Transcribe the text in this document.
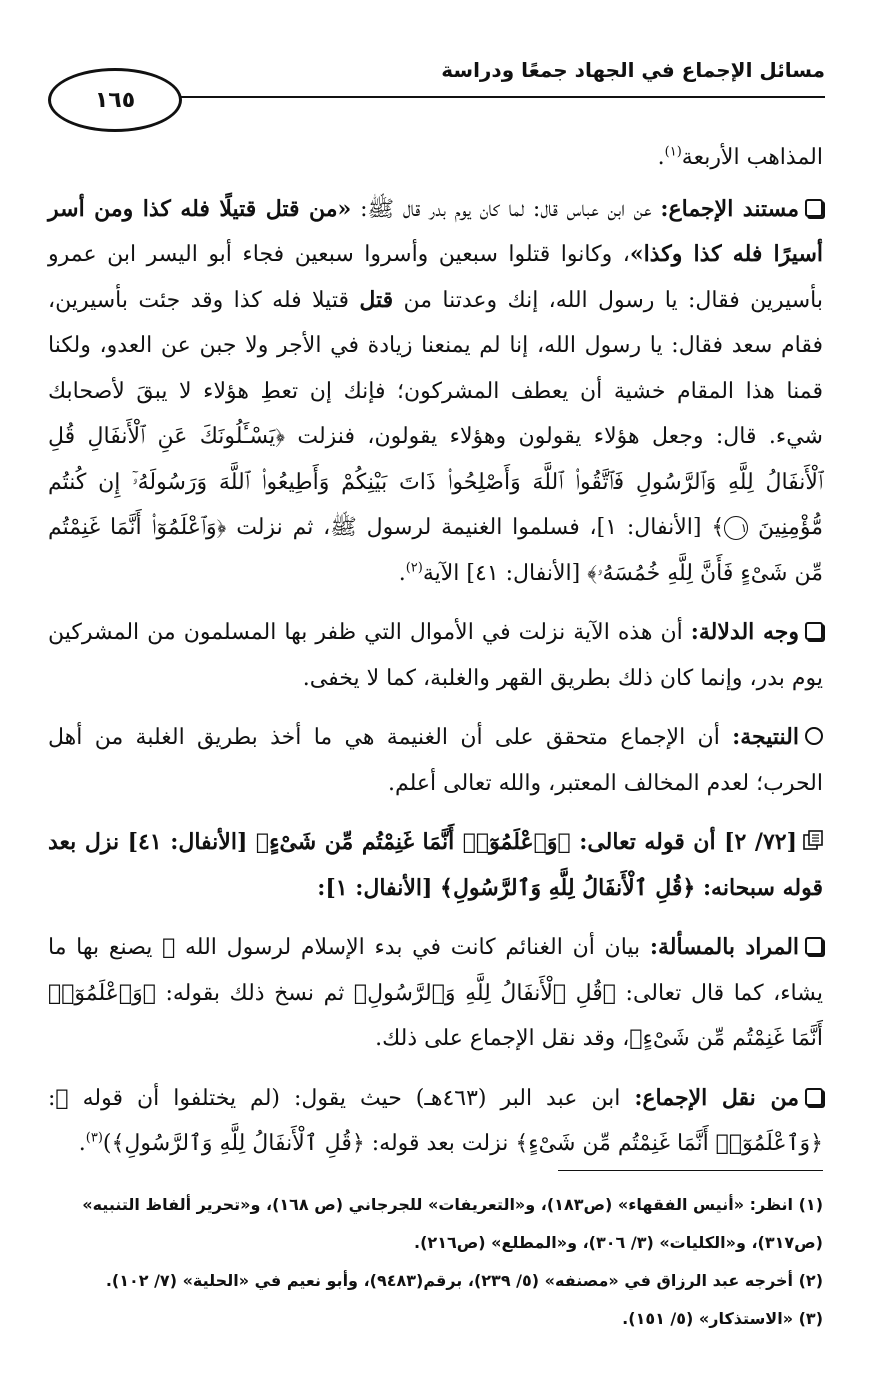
مسائل الإجماع في الجهاد جمعًا ودراسة
١٦٥

المذاهب الأربعة$^{(١)}$.

مستند الإجماع: عن ابن عباس قال: لما كان يوم بدر قال ﷺ: «من قتل قتيلًا فله كذا ومن أسر أسيرًا فله كذا وكذا»، وكانوا قتلوا سبعين وأسروا سبعين فجاء أبو اليسر ابن عمرو بأسيرين فقال: يا رسول الله، إنك وعدتنا من قتل قتيلا فله كذا وقد جئت بأسيرين، فقام سعد فقال: يا رسول الله، إنا لم يمنعنا زيادة في الأجر ولا جبن عن العدو، ولكنا قمنا هذا المقام خشية أن يعطف المشركون؛ فإنك إن تعطِ هؤلاء لا يبقَ لأصحابك شيء. قال: وجعل هؤلاء يقولون وهؤلاء يقولون، فنزلت ﴿يَسْـَٔلُونَكَ عَنِ ٱلْأَنفَالِ قُلِ ٱلْأَنفَالُ لِلَّهِ وَٱلرَّسُولِ فَٱتَّقُوا۟ ٱللَّهَ وَأَصْلِحُوا۟ ذَاتَ بَيْنِكُمْ وَأَطِيعُوا۟ ٱللَّهَ وَرَسُولَهُۥٓ إِن كُنتُم مُّؤْمِنِينَ ١﴾ [الأنفال: ١]، فسلموا الغنيمة لرسول ﷺ، ثم نزلت ﴿وَٱعْلَمُوٓا۟ أَنَّمَا غَنِمْتُم مِّن شَىْءٍ فَأَنَّ لِلَّهِ خُمُسَهُۥ﴾ [الأنفال: ٤١] الآية$^{(٢)}$.

وجه الدلالة: أن هذه الآية نزلت في الأموال التي ظفر بها المسلمون من المشركين يوم بدر، وإنما كان ذلك بطريق القهر والغلبة، كما لا يخفى.

النتيجة: أن الإجماع متحقق على أن الغنيمة هي ما أخذ بطريق الغلبة من أهل الحرب؛ لعدم المخالف المعتبر، والله تعالى أعلم.

[٧٢/ ٢] أن قوله تعالى: ﴿وَٱعْلَمُوٓا۟ أَنَّمَا غَنِمْتُم مِّن شَىْءٍ﴾ [الأنفال: ٤١] نزل بعد قوله سبحانه: ﴿قُلِ ٱلْأَنفَالُ لِلَّهِ وَٱلرَّسُولِ﴾ [الأنفال: ١]:

المراد بالمسألة: بيان أن الغنائم كانت في بدء الإسلام لرسول الله ﷺ يصنع بها ما يشاء، كما قال تعالى: ﴿قُلِ ٱلْأَنفَالُ لِلَّهِ وَٱلرَّسُولِ﴾ ثم نسخ ذلك بقوله: ﴿وَٱعْلَمُوٓا۟ أَنَّمَا غَنِمْتُم مِّن شَىْءٍ﴾، وقد نقل الإجماع على ذلك.

من نقل الإجماع: ابن عبد البر (٤٦٣هـ) حيث يقول: (لم يختلفوا أن قوله ﷺ: ﴿وَٱعْلَمُوٓا۟ أَنَّمَا غَنِمْتُم مِّن شَىْءٍ﴾ نزلت بعد قوله: ﴿قُلِ ٱلْأَنفَالُ لِلَّهِ وَٱلرَّسُولِ﴾)$^{(٣)}$.

(١) انظر: «أنيس الفقهاء» (ص١٨٣)، و«التعريفات» للجرجاني (ص ١٦٨)، و«تحرير ألفاظ التنبيه» (ص٣١٧)، و«الكليات» (٣/ ٣٠٦)، و«المطلع» (ص٢١٦).

(٢) أخرجه عبد الرزاق في «مصنفه» (٥/ ٢٣٩)، برقم(٩٤٨٣)، وأبو نعيم في «الحلية» (٧/ ١٠٢).

(٣) «الاستذكار» (٥/ ١٥١).
